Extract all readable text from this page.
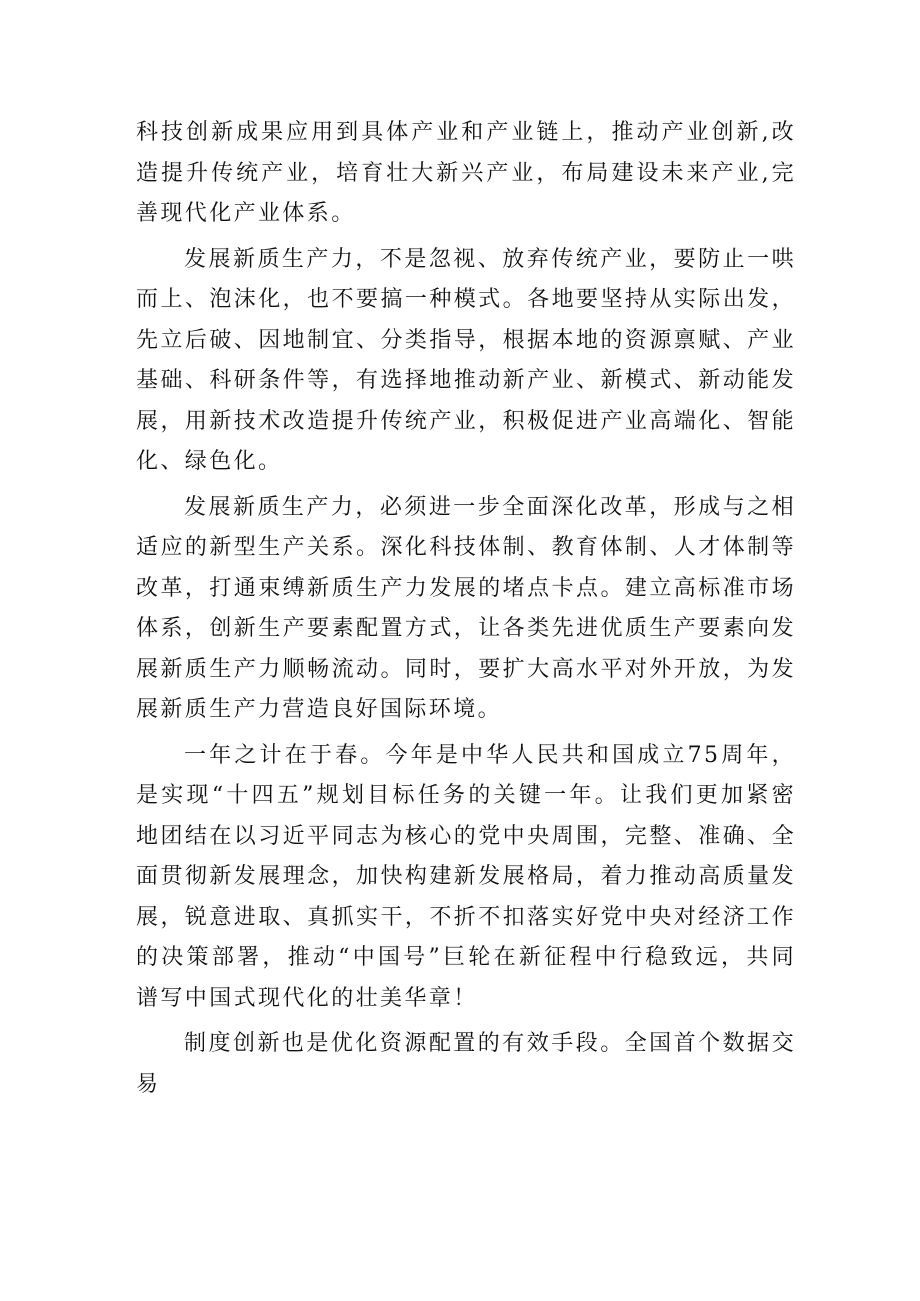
科技创新成果应用到具体产业和产业链上，推动产业创新,改造提升传统产业，培育壮大新兴产业，布局建设未来产业,完善现代化产业体系。

发展新质生产力，不是忽视、放弃传统产业，要防止一哄而上、泡沫化，也不要搞一种模式。各地要坚持从实际出发，先立后破、因地制宜、分类指导，根据本地的资源禀赋、产业基础、科研条件等，有选择地推动新产业、新模式、新动能发展，用新技术改造提升传统产业，积极促进产业高端化、智能化、绿色化。

发展新质生产力，必须进一步全面深化改革，形成与之相适应的新型生产关系。深化科技体制、教育体制、人才体制等改革，打通束缚新质生产力发展的堵点卡点。建立高标准市场体系，创新生产要素配置方式，让各类先进优质生产要素向发展新质生产力顺畅流动。同时，要扩大高水平对外开放，为发展新质生产力营造良好国际环境。

一年之计在于春。今年是中华人民共和国成立75周年，是实现“十四五”规划目标任务的关键一年。让我们更加紧密地团结在以习近平同志为核心的党中央周围，完整、准确、全面贯彻新发展理念，加快构建新发展格局，着力推动高质量发展，锐意进取、真抓实干，不折不扣落实好党中央对经济工作的决策部署，推动“中国号”巨轮在新征程中行稳致远，共同谱写中国式现代化的壮美华章！

制度创新也是优化资源配置的有效手段。全国首个数据交易
